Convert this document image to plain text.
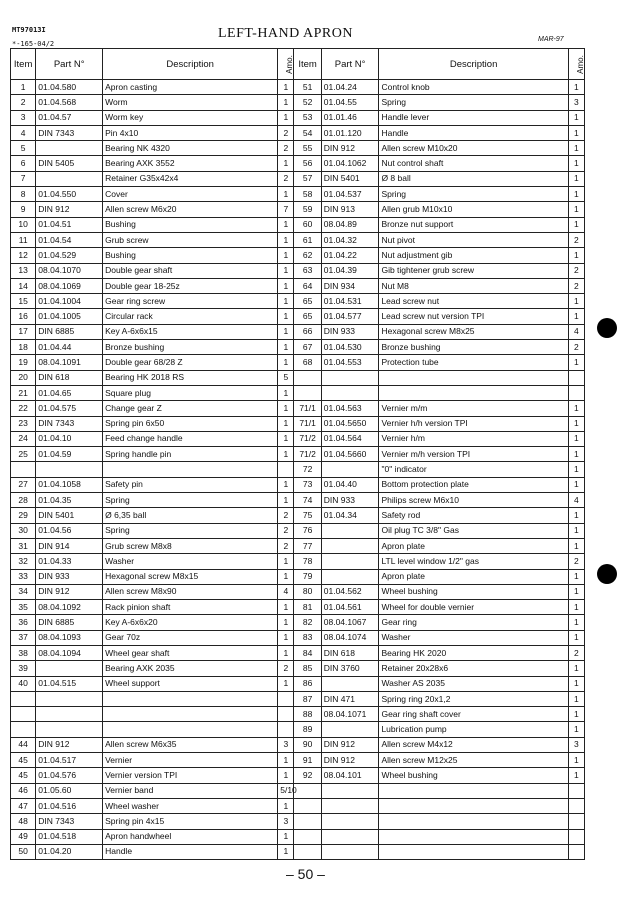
MT97013I
*-165-04/2
LEFT-HAND APRON	MAR-97
Item	Part N°	Description	Amo.	Item	Part N°	Description	Amo.
1	01.04.580	Apron casting	1	51	01.04.24	Control knob	1
2	01.04.568	Worm	1	52	01.04.55	Spring	3
3	01.04.57	Worm key	1	53	01.01.46	Handle lever	1
4	DIN 7343	Pin 4x10	2	54	01.01.120	Handle	1
5		Bearing NK 4320	2	55	DIN 912	Allen screw M10x20	1
6	DIN 5405	Bearing AXK 3552	1	56	01.04.1062	Nut control shaft	1
7		Retainer G35x42x4	2	57	DIN 5401	Ø 8 ball	1
8	01.04.550	Cover	1	58	01.04.537	Spring	1
9	DIN 912	Allen screw M6x20	7	59	DIN 913	Allen grub M10x10	1
10	01.04.51	Bushing	1	60	08.04.89	Bronze nut support	1
11	01.04.54	Grub screw	1	61	01.04.32	Nut pivot	2
12	01.04.529	Bushing	1	62	01.04.22	Nut adjustment gib	1
13	08.04.1070	Double gear shaft	1	63	01.04.39	Gib tightener grub screw	2
14	08.04.1069	Double gear 18-25z	1	64	DIN 934	Nut M8	2
15	01.04.1004	Gear ring screw	1	65	01.04.531	Lead screw nut	1
16	01.04.1005	Circular rack	1	65	01.04.577	Lead screw nut version TPI	1
17	DIN 6885	Key A-6x6x15	1	66	DIN 933	Hexagonal screw M8x25	4
18	01.04.44	Bronze bushing	1	67	01.04.530	Bronze bushing	2
19	08.04.1091	Double gear 68/28 Z	1	68	01.04.553	Protection tube	1
20	DIN 618	Bearing HK 2018 RS	5				
21	01.04.65	Square plug	1				
22	01.04.575	Change gear Z	1	71/1	01.04.563	Vernier m/m	1
23	DIN 7343	Spring pin 6x50	1	71/1	01.04.5650	Vernier h/h version TPI	1
24	01.04.10	Feed change handle	1	71/2	01.04.564	Vernier h/m	1
25	01.04.59	Spring handle pin	1	71/2	01.04.5660	Vernier m/h version TPI	1
				72		"0" indicator	1
27	01.04.1058	Safety pin	1	73	01.04.40	Bottom protection plate	1
28	01.04.35	Spring	1	74	DIN 933	Philips screw M6x10	4
29	DIN 5401	Ø 6,35 ball	2	75	01.04.34	Safety rod	1
30	01.04.56	Spring	2	76		Oil plug TC 3/8" Gas	1
31	DIN 914	Grub screw M8x8	2	77		Apron plate	1
32	01.04.33	Washer	1	78		LTL level window 1/2" gas	2
33	DIN 933	Hexagonal screw M8x15	1	79		Apron plate	1
34	DIN 912	Allen screw M8x90	4	80	01.04.562	Wheel bushing	1
35	08.04.1092	Rack pinion shaft	1	81	01.04.561	Wheel for double vernier	1
36	DIN 6885	Key A-6x6x20	1	82	08.04.1067	Gear ring	1
37	08.04.1093	Gear 70z	1	83	08.04.1074	Washer	1
38	08.04.1094	Wheel gear shaft	1	84	DIN 618	Bearing HK 2020	2
39		Bearing AXK 2035	2	85	DIN 3760	Retainer 20x28x6	1
40	01.04.515	Wheel support	1	86		Washer AS 2035	1
				87	DIN 471	Spring ring 20x1,2	1
				88	08.04.1071	Gear ring shaft cover	1
				89		Lubrication pump	1
44	DIN 912	Allen screw M6x35	3	90	DIN 912	Allen screw M4x12	3
45	01.04.517	Vernier	1	91	DIN 912	Allen screw M12x25	1
45	01.04.576	Vernier version TPI	1	92	08.04.101	Wheel bushing	1
46	01.05.60	Vernier band	5/10				
47	01.04.516	Wheel washer	1				
48	DIN 7343	Spring pin 4x15	3				
49	01.04.518	Apron handwheel	1				
50	01.04.20	Handle	1				
– 50 –
